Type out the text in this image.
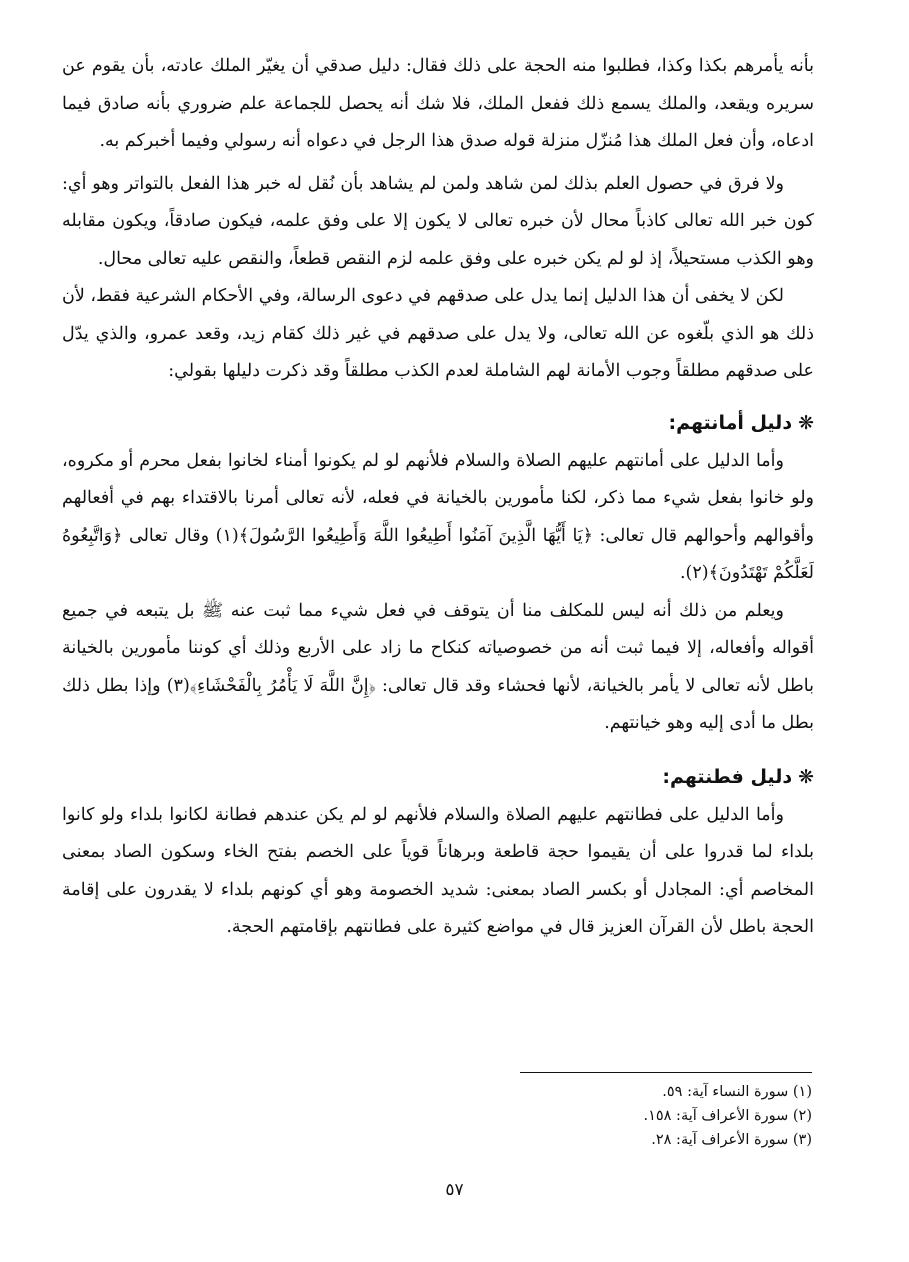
بأنه يأمرهم بكذا وكذا، فطلبوا منه الحجة على ذلك فقال: دليل صدقي أن يغيّر الملك عادته، بأن يقوم عن سريره ويقعد، والملك يسمع ذلك ففعل الملك، فلا شك أنه يحصل للجماعة علم ضروري بأنه صادق فيما ادعاه، وأن فعل الملك هذا مُنزّل منزلة قوله صدق هذا الرجل في دعواه أنه رسولي وفيما أخبركم به.

ولا فرق في حصول العلم بذلك لمن شاهد ولمن لم يشاهد بأن نُقل له خبر هذا الفعل بالتواتر وهو أي: كون خبر الله تعالى كاذباً محال لأن خبره تعالى لا يكون إلا على وفق علمه، فيكون صادقاً، ويكون مقابله وهو الكذب مستحيلاً، إذ لو لم يكن خبره على وفق علمه لزم النقص قطعاً، والنقص عليه تعالى محال.

لكن لا يخفى أن هذا الدليل إنما يدل على صدقهم في دعوى الرسالة، وفي الأحكام الشرعية فقط، لأن ذلك هو الذي بلّغوه عن الله تعالى، ولا يدل على صدقهم في غير ذلك كقام زيد، وقعد عمرو، والذي يدّل على صدقهم مطلقاً وجوب الأمانة لهم الشاملة لعدم الكذب مطلقاً وقد ذكرت دليلها بقولي:

❋دليل أمانتهم:

وأما الدليل على أمانتهم عليهم الصلاة والسلام فلأنهم لو لم يكونوا أمناء لخانوا بفعل محرم أو مكروه، ولو خانوا بفعل شيء مما ذكر، لكنا مأمورين بالخيانة في فعله، لأنه تعالى أمرنا بالاقتداء بهم في أفعالهم وأقوالهم وأحوالهم قال تعالى: ﴿يَا أَيُّهَا الَّذِينَ آمَنُوا أَطِيعُوا اللَّهَ وَأَطِيعُوا الرَّسُولَ﴾(١) وقال تعالى ﴿وَاتَّبِعُوهُ لَعَلَّكُمْ تَهْتَدُونَ﴾(٢).

ويعلم من ذلك أنه ليس للمكلف منا أن يتوقف في فعل شيء مما ثبت عنه ﷺ بل يتبعه في جميع أقواله وأفعاله، إلا فيما ثبت أنه من خصوصياته كنكاح ما زاد على الأربع وذلك أي كوننا مأمورين بالخيانة باطل لأنه تعالى لا يأمر بالخيانة، لأنها فحشاء وقد قال تعالى: ﴿إِنَّ اللَّهَ لَا يَأْمُرُ بِالْفَحْشَاءِ﴾(٣) وإذا بطل ذلك بطل ما أدى إليه وهو خيانتهم.

❋دليل فطنتهم:

وأما الدليل على فطانتهم عليهم الصلاة والسلام فلأنهم لو لم يكن عندهم فطانة لكانوا بلداء ولو كانوا بلداء لما قدروا على أن يقيموا حجة قاطعة وبرهاناً قوياً على الخصم بفتح الخاء وسكون الصاد بمعنى المخاصم أي: المجادل أو بكسر الصاد بمعنى: شديد الخصومة وهو أي كونهم بلداء لا يقدرون على إقامة الحجة باطل لأن القرآن العزيز قال في مواضع كثيرة على فطانتهم بإقامتهم الحجة.

(١) سورة النساء آية: ٥٩.
(٢) سورة الأعراف آية: ١٥٨.
(٣) سورة الأعراف آية: ٢٨.
٥٧
